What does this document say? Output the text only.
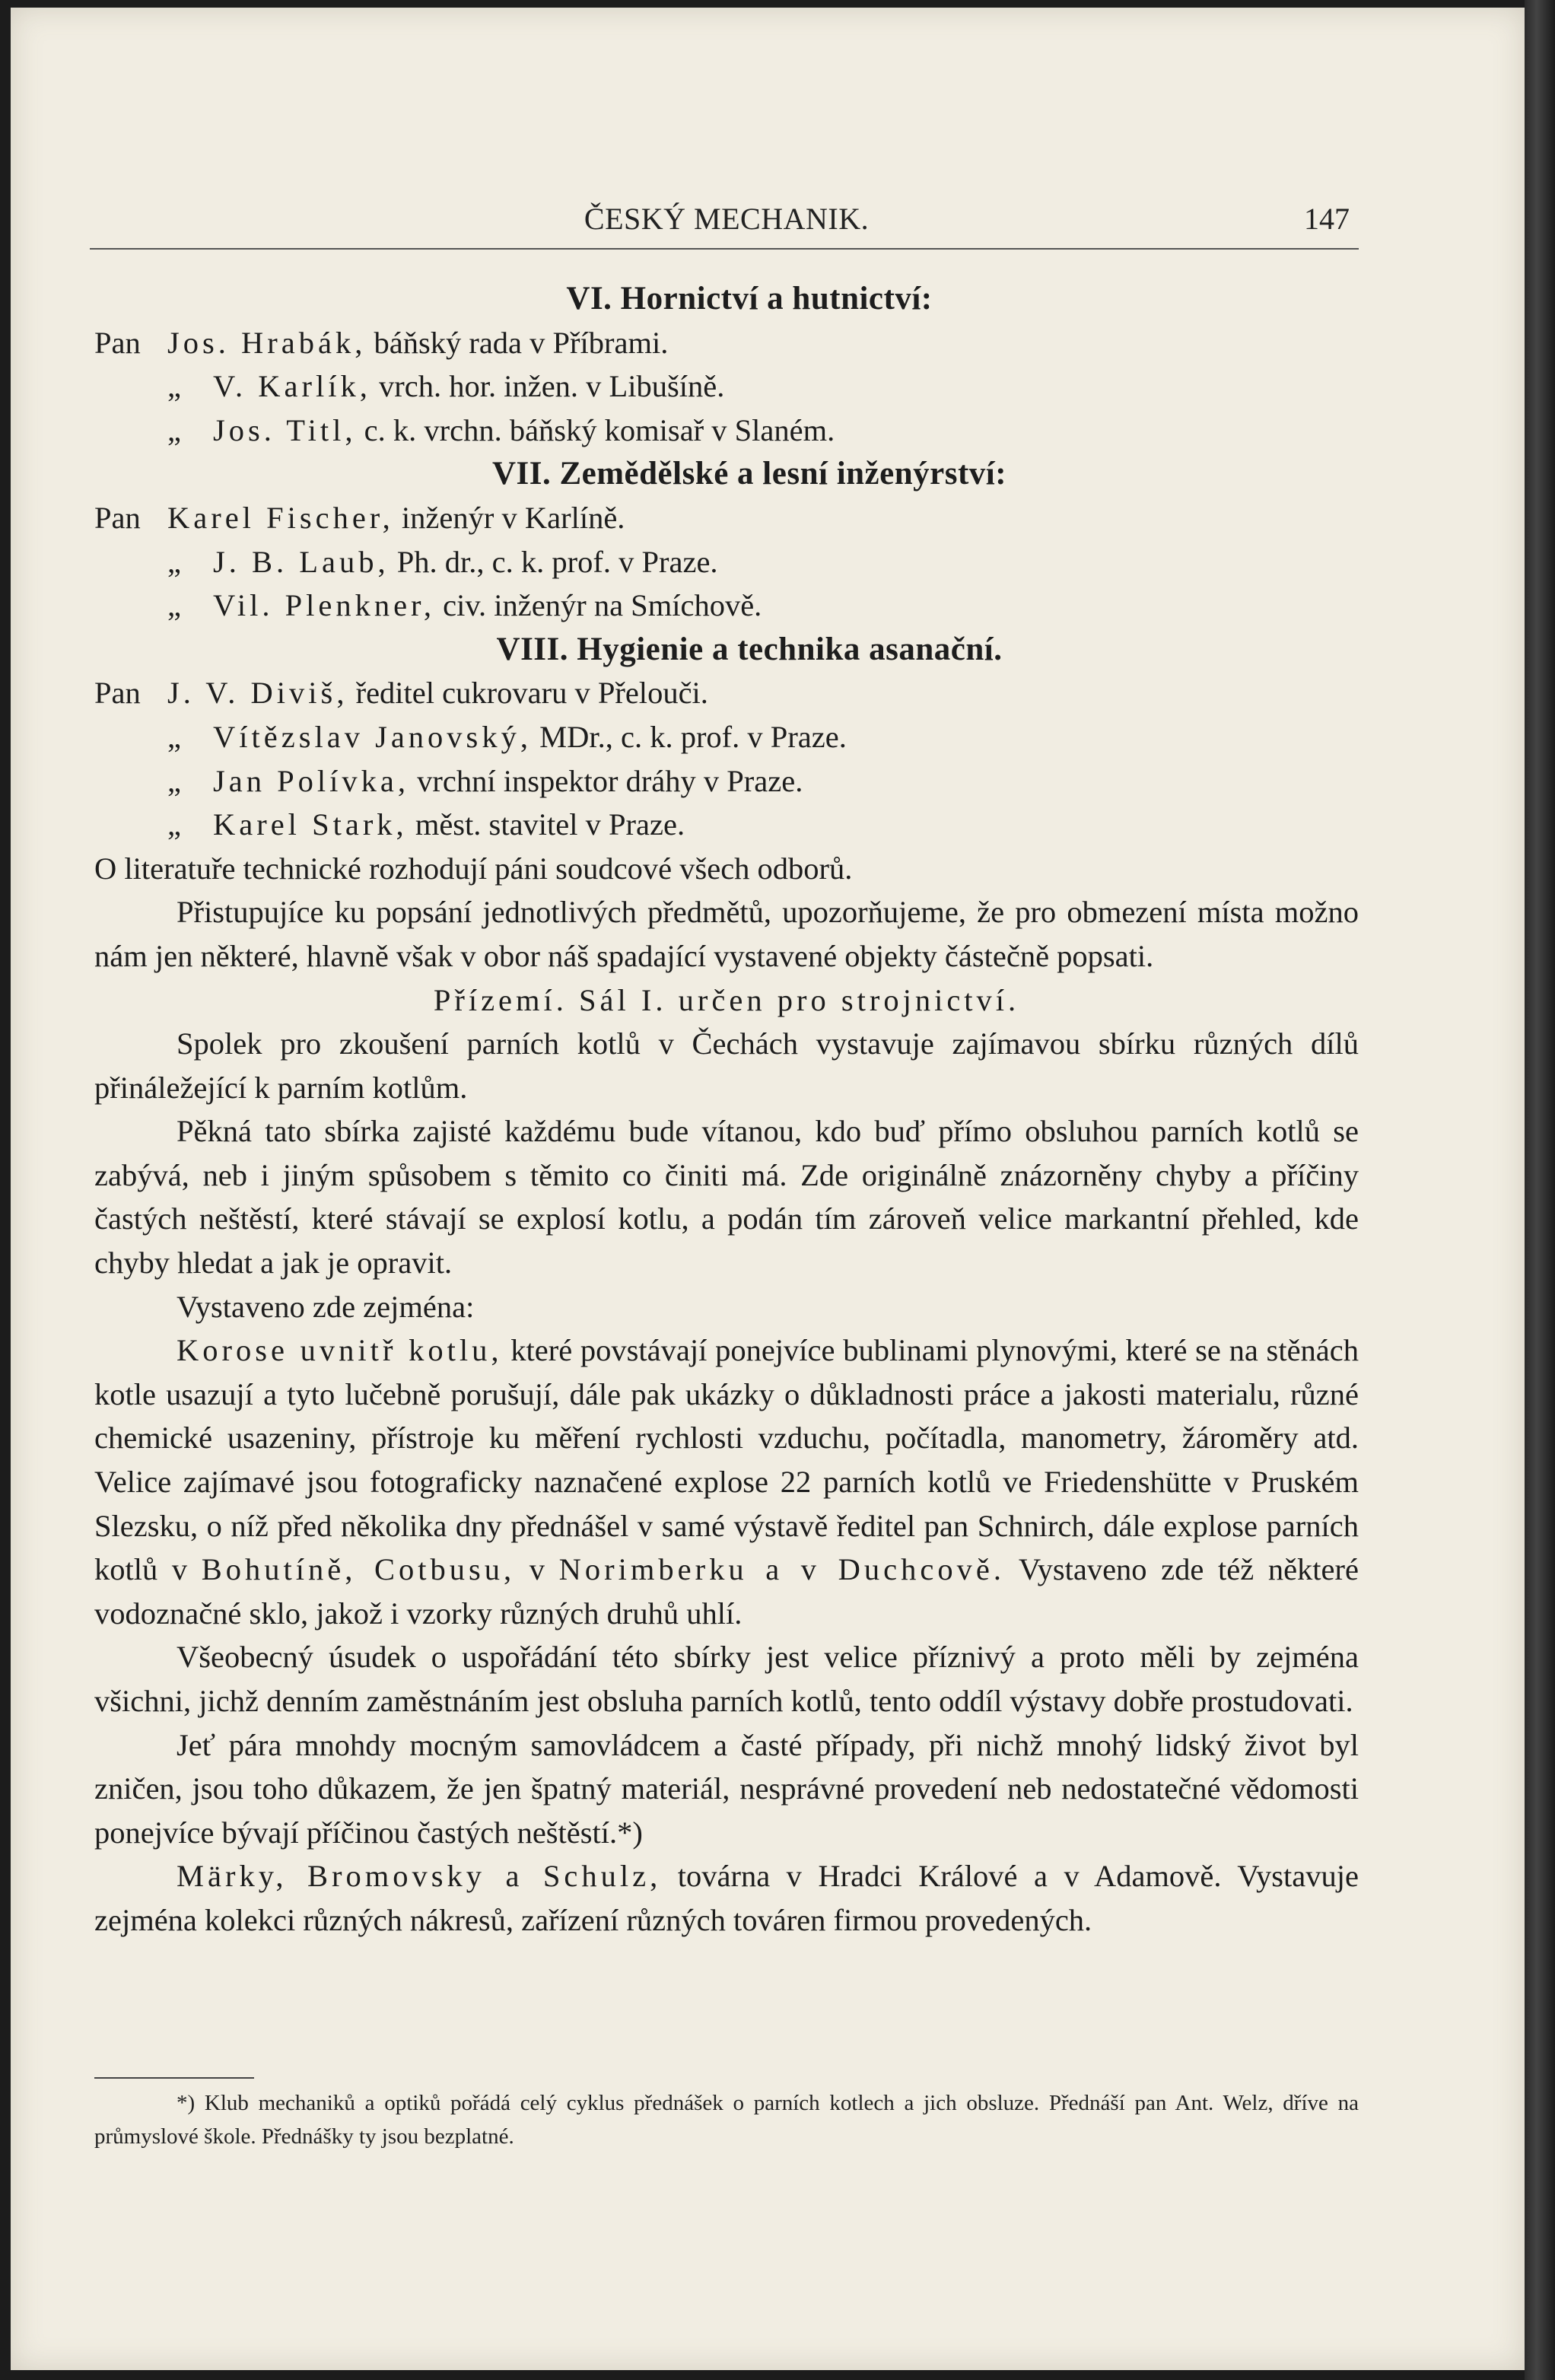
ČESKÝ MECHANIK.	147
VI. Hornictví a hutnictví:
Pan Jos. Hrabák, báňský rada v Příbrami.
„ V. Karlík, vrch. hor. inžen. v Libušíně.
„ Jos. Titl, c. k. vrchn. báňský komisař v Slaném.
VII. Zemědělské a lesní inženýrství:
Pan Karel Fischer, inženýr v Karlíně.
„ J. B. Laub, Ph. dr., c. k. prof. v Praze.
„ Vil. Plenkner, civ. inženýr na Smíchově.
VIII. Hygienie a technika asanační.
Pan J. V. Diviš, ředitel cukrovaru v Přelouči.
„ Vítězslav Janovský, MDr., c. k. prof. v Praze.
„ Jan Polívka, vrchní inspektor dráhy v Praze.
„ Karel Stark, měst. stavitel v Praze.
O literatuře technické rozhodují páni soudcové všech odborů.
Přistupujíce ku popsání jednotlivých předmětů, upozorňujeme, že pro obmezení místa možno nám jen některé, hlavně však v obor náš spadající vystavené objekty částečně popsati.
Přízemí. Sál I. určen pro strojnictví.
Spolek pro zkoušení parních kotlů v Čechách vystavuje zajímavou sbírku různých dílů přináležející k parním kotlům.
Pěkná tato sbírka zajisté každému bude vítanou, kdo buď přímo obsluhou parních kotlů se zabývá, neb i jiným spůsobem s těmito co činiti má. Zde originálně znázorněny chyby a příčiny častých neštěstí, které stávají se explosí kotlu, a podán tím zároveň velice markantní přehled, kde chyby hledat a jak je opravit.
Vystaveno zde zejména:
Korose uvnitř kotlu, které povstávají ponejvíce bublinami plynovými, které se na stěnách kotle usazují a tyto lučebně porušují, dále pak ukázky o důkladnosti práce a jakosti materialu, různé chemické usazeniny, přístroje ku měření rychlosti vzduchu, počítadla, manometry, žároměry atd. Velice zajímavé jsou fotograficky naznačené explose 22 parních kotlů ve Friedenshütte v Pruském Slezsku, o níž před několika dny přednášel v samé výstavě ředitel pan Schnirch, dále explose parních kotlů v Bohutíně, Cotbusu, v Norimberku a v Duchcově. Vystaveno zde též některé vodoznačné sklo, jakož i vzorky různých druhů uhlí.
Všeobecný úsudek o uspořádání této sbírky jest velice příznivý a proto měli by zejména všichni, jichž denním zaměstnáním jest obsluha parních kotlů, tento oddíl výstavy dobře prostudovati.
Jeť pára mnohdy mocným samovládcem a časté případy, při nichž mnohý lidský život byl zničen, jsou toho důkazem, že jen špatný materiál, nesprávné provedení neb nedostatečné vědomosti ponejvíce bývají příčinou častých neštěstí.*)
Märky, Bromovsky a Schulz, továrna v Hradci Králové a v Adamově. Vystavuje zejména kolekci různých nákresů, zařízení různých továren firmou provedených.
*) Klub mechaniků a optiků pořádá celý cyklus přednášek o parních kotlech a jich obsluze. Přednáší pan Ant. Welz, dříve na průmyslové škole. Přednášky ty jsou bezplatné.
